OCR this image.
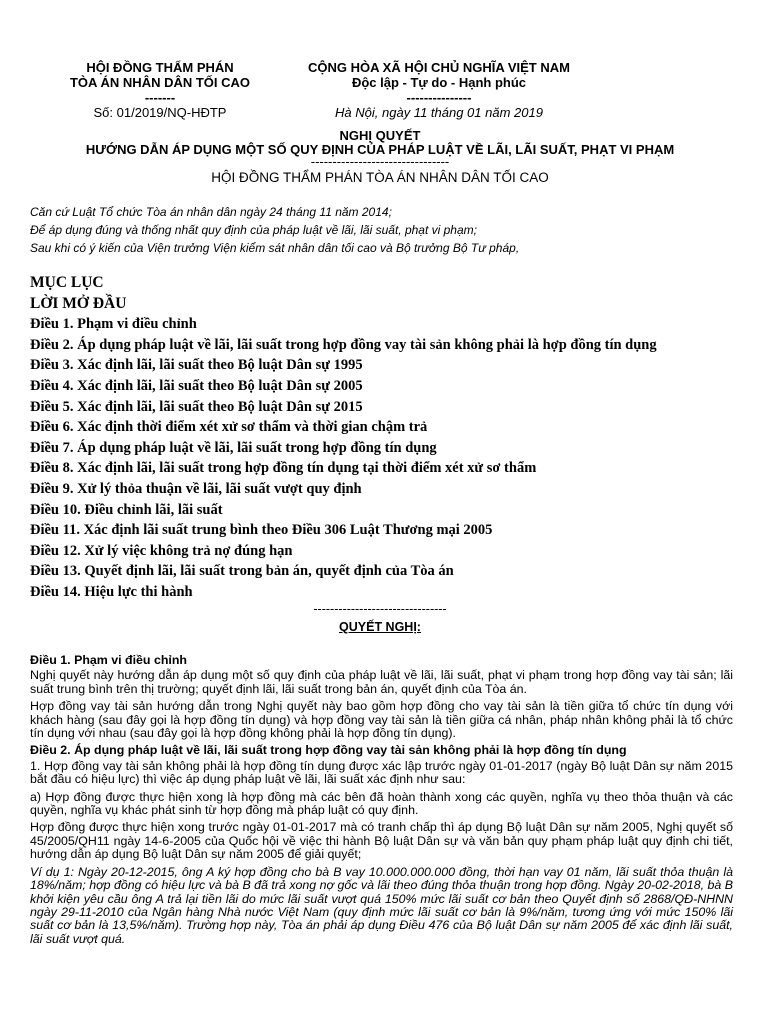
HỘI ĐỒNG THẨM PHÁN
TÒA ÁN NHÂN DÂN TỐI CAO
-------
Số: 01/2019/NQ-HĐTP
CỘNG HÒA XÃ HỘI CHỦ NGHĨA VIỆT NAM
Độc lập - Tự do - Hạnh phúc
---------------
Hà Nội, ngày 11 tháng 01 năm 2019
NGHỊ QUYẾT
HƯỚNG DẪN ÁP DỤNG MỘT SỐ QUY ĐỊNH CỦA PHÁP LUẬT VỀ LÃI, LÃI SUẤT, PHẠT VI PHẠM
--------------------------------
HỘI ĐỒNG THẨM PHÁN TÒA ÁN NHÂN DÂN TỐI CAO
Căn cứ Luật Tổ chức Tòa án nhân dân ngày 24 tháng 11 năm 2014;
Để áp dụng đúng và thống nhất quy định của pháp luật về lãi, lãi suất, phạt vi phạm;
Sau khi có ý kiến của Viện trưởng Viện kiểm sát nhân dân tối cao và Bộ trưởng Bộ Tư pháp,
MỤC LỤC
LỜI MỞ ĐẦU
Điều 1. Phạm vi điều chỉnh
Điều 2. Áp dụng pháp luật về lãi, lãi suất trong hợp đồng vay tài sản không phải là hợp đồng tín dụng
Điều 3. Xác định lãi, lãi suất theo Bộ luật Dân sự 1995
Điều 4. Xác định lãi, lãi suất theo Bộ luật Dân sự 2005
Điều 5. Xác định lãi, lãi suất theo Bộ luật Dân sự 2015
Điều 6. Xác định thời điểm xét xử sơ thẩm và thời gian chậm trả
Điều 7. Áp dụng pháp luật về lãi, lãi suất trong hợp đồng tín dụng
Điều 8. Xác định lãi, lãi suất trong hợp đồng tín dụng tại thời điểm xét xử sơ thẩm
Điều 9. Xử lý thỏa thuận về lãi, lãi suất vượt quy định
Điều 10. Điều chỉnh lãi, lãi suất
Điều 11. Xác định lãi suất trung bình theo Điều 306 Luật Thương mại 2005
Điều 12. Xử lý việc không trả nợ đúng hạn
Điều 13. Quyết định lãi, lãi suất trong bản án, quyết định của Tòa án
Điều 14. Hiệu lực thi hành
--------------------------------
QUYẾT NGHỊ:
Điều 1. Phạm vi điều chỉnh

Nghị quyết này hướng dẫn áp dụng một số quy định của pháp luật về lãi, lãi suất, phạt vi phạm trong hợp đồng vay tài sản; lãi suất trung bình trên thị trường; quyết định lãi, lãi suất trong bản án, quyết định của Tòa án.

Hợp đồng vay tài sản hướng dẫn trong Nghị quyết này bao gồm hợp đồng cho vay tài sản là tiền giữa tổ chức tín dụng với khách hàng (sau đây gọi là hợp đồng tín dụng) và hợp đồng vay tài sản là tiền giữa cá nhân, pháp nhân không phải là tổ chức tín dụng với nhau (sau đây gọi là hợp đồng không phải là hợp đồng tín dụng).

Điều 2. Áp dụng pháp luật về lãi, lãi suất trong hợp đồng vay tài sản không phải là hợp đồng tín dụng

1. Hợp đồng vay tài sản không phải là hợp đồng tín dụng được xác lập trước ngày 01-01-2017 (ngày Bộ luật Dân sự năm 2015 bắt đầu có hiệu lực) thì việc áp dụng pháp luật về lãi, lãi suất xác định như sau:

a) Hợp đồng được thực hiện xong là hợp đồng mà các bên đã hoàn thành xong các quyền, nghĩa vụ theo thỏa thuận và các quyền, nghĩa vụ khác phát sinh từ hợp đồng mà pháp luật có quy định.

Hợp đồng được thực hiện xong trước ngày 01-01-2017 mà có tranh chấp thì áp dụng Bộ luật Dân sự năm 2005, Nghị quyết số 45/2005/QH11 ngày 14-6-2005 của Quốc hội về việc thi hành Bộ luật Dân sự và văn bản quy phạm pháp luật quy định chi tiết, hướng dẫn áp dụng Bộ luật Dân sự năm 2005 để giải quyết;

Ví dụ 1: Ngày 20-12-2015, ông A ký hợp đồng cho bà B vay 10.000.000.000 đồng, thời hạn vay 01 năm, lãi suất thỏa thuận là 18%/năm; hợp đồng có hiệu lực và bà B đã trả xong nợ gốc và lãi theo đúng thỏa thuận trong hợp đồng. Ngày 20-02-2018, bà B khởi kiện yêu cầu ông A trả lại tiền lãi do mức lãi suất vượt quá 150% mức lãi suất cơ bản theo Quyết định số 2868/QĐ-NHNN ngày 29-11-2010 của Ngân hàng Nhà nước Việt Nam (quy định mức lãi suất cơ bản là 9%/năm, tương ứng với mức 150% lãi suất cơ bản là 13,5%/năm). Trường hợp này, Tòa án phải áp dụng Điều 476 của Bộ luật Dân sự năm 2005 để xác định lãi suất, lãi suất vượt quá.
